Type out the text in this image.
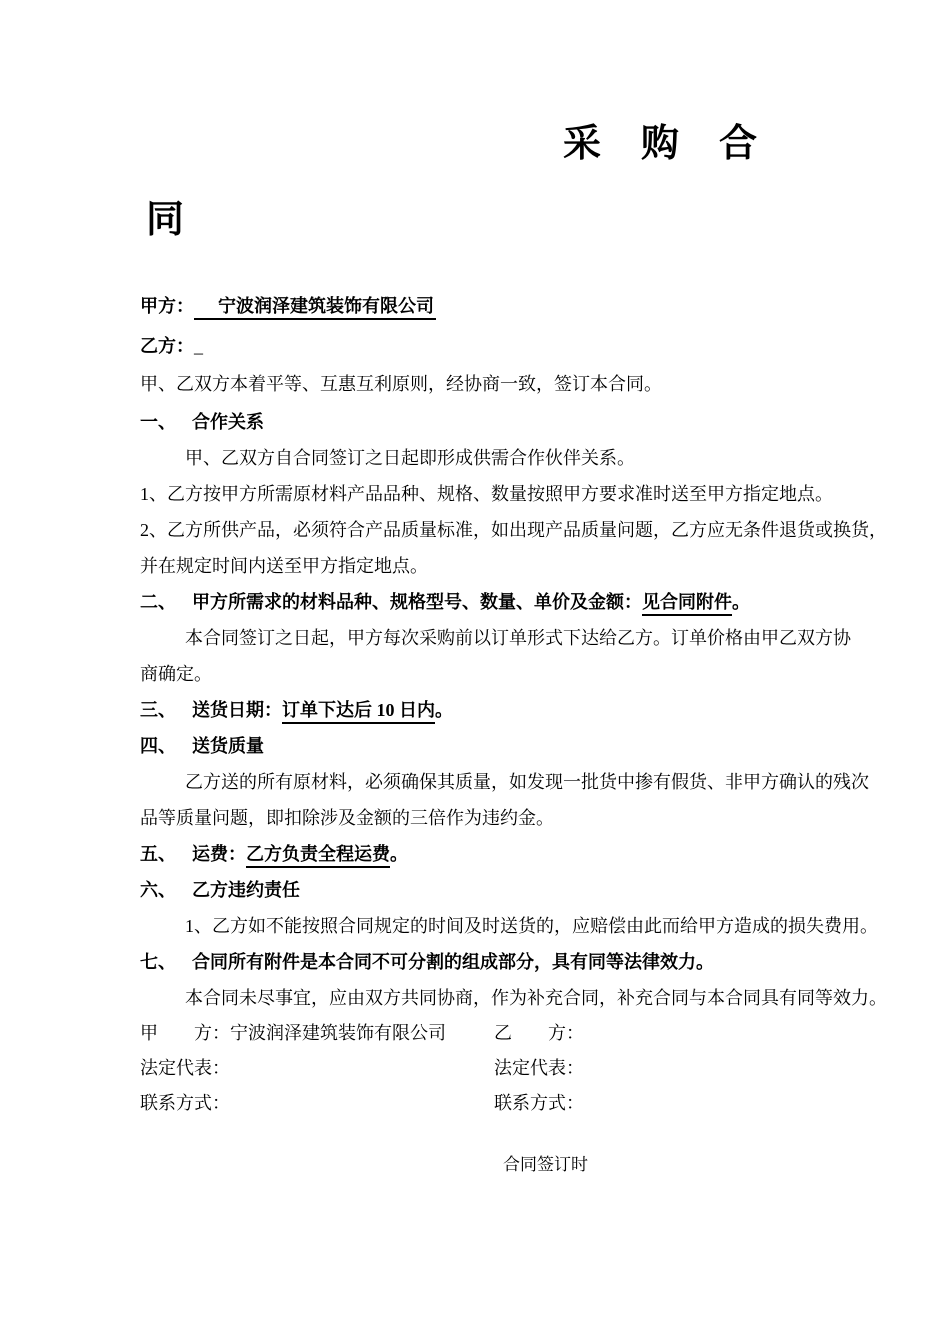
采购合
同
甲方： 宁波润泽建筑装饰有限公司
乙方：_
甲、乙双方本着平等、互惠互利原则，经协商一致，签订本合同。
一、 合作关系
甲、乙双方自合同签订之日起即形成供需合作伙伴关系。
1、乙方按甲方所需原材料产品品种、规格、数量按照甲方要求准时送至甲方指定地点。
2、乙方所供产品，必须符合产品质量标准，如出现产品质量问题，乙方应无条件退货或换货，
并在规定时间内送至甲方指定地点。
二、 甲方所需求的材料品种、规格型号、数量、单价及金额：见合同附件。
本合同签订之日起，甲方每次采购前以订单形式下达给乙方。订单价格由甲乙双方协
商确定。
三、 送货日期：订单下达后 10 日内。
四、 送货质量
乙方送的所有原材料，必须确保其质量，如发现一批货中掺有假货、非甲方确认的残次
品等质量问题，即扣除涉及金额的三倍作为违约金。
五、 运费：乙方负责全程运费。
六、 乙方违约责任
1、乙方如不能按照合同规定的时间及时送货的，应赔偿由此而给甲方造成的损失费用。
七、 合同所有附件是本合同不可分割的组成部分，具有同等法律效力。
本合同未尽事宜，应由双方共同协商，作为补充合同，补充合同与本合同具有同等效力。
甲　　方：宁波润泽建筑装饰有限公司	乙　　方：
法定代表：	法定代表：
联系方式：	联系方式：
合同签订时
